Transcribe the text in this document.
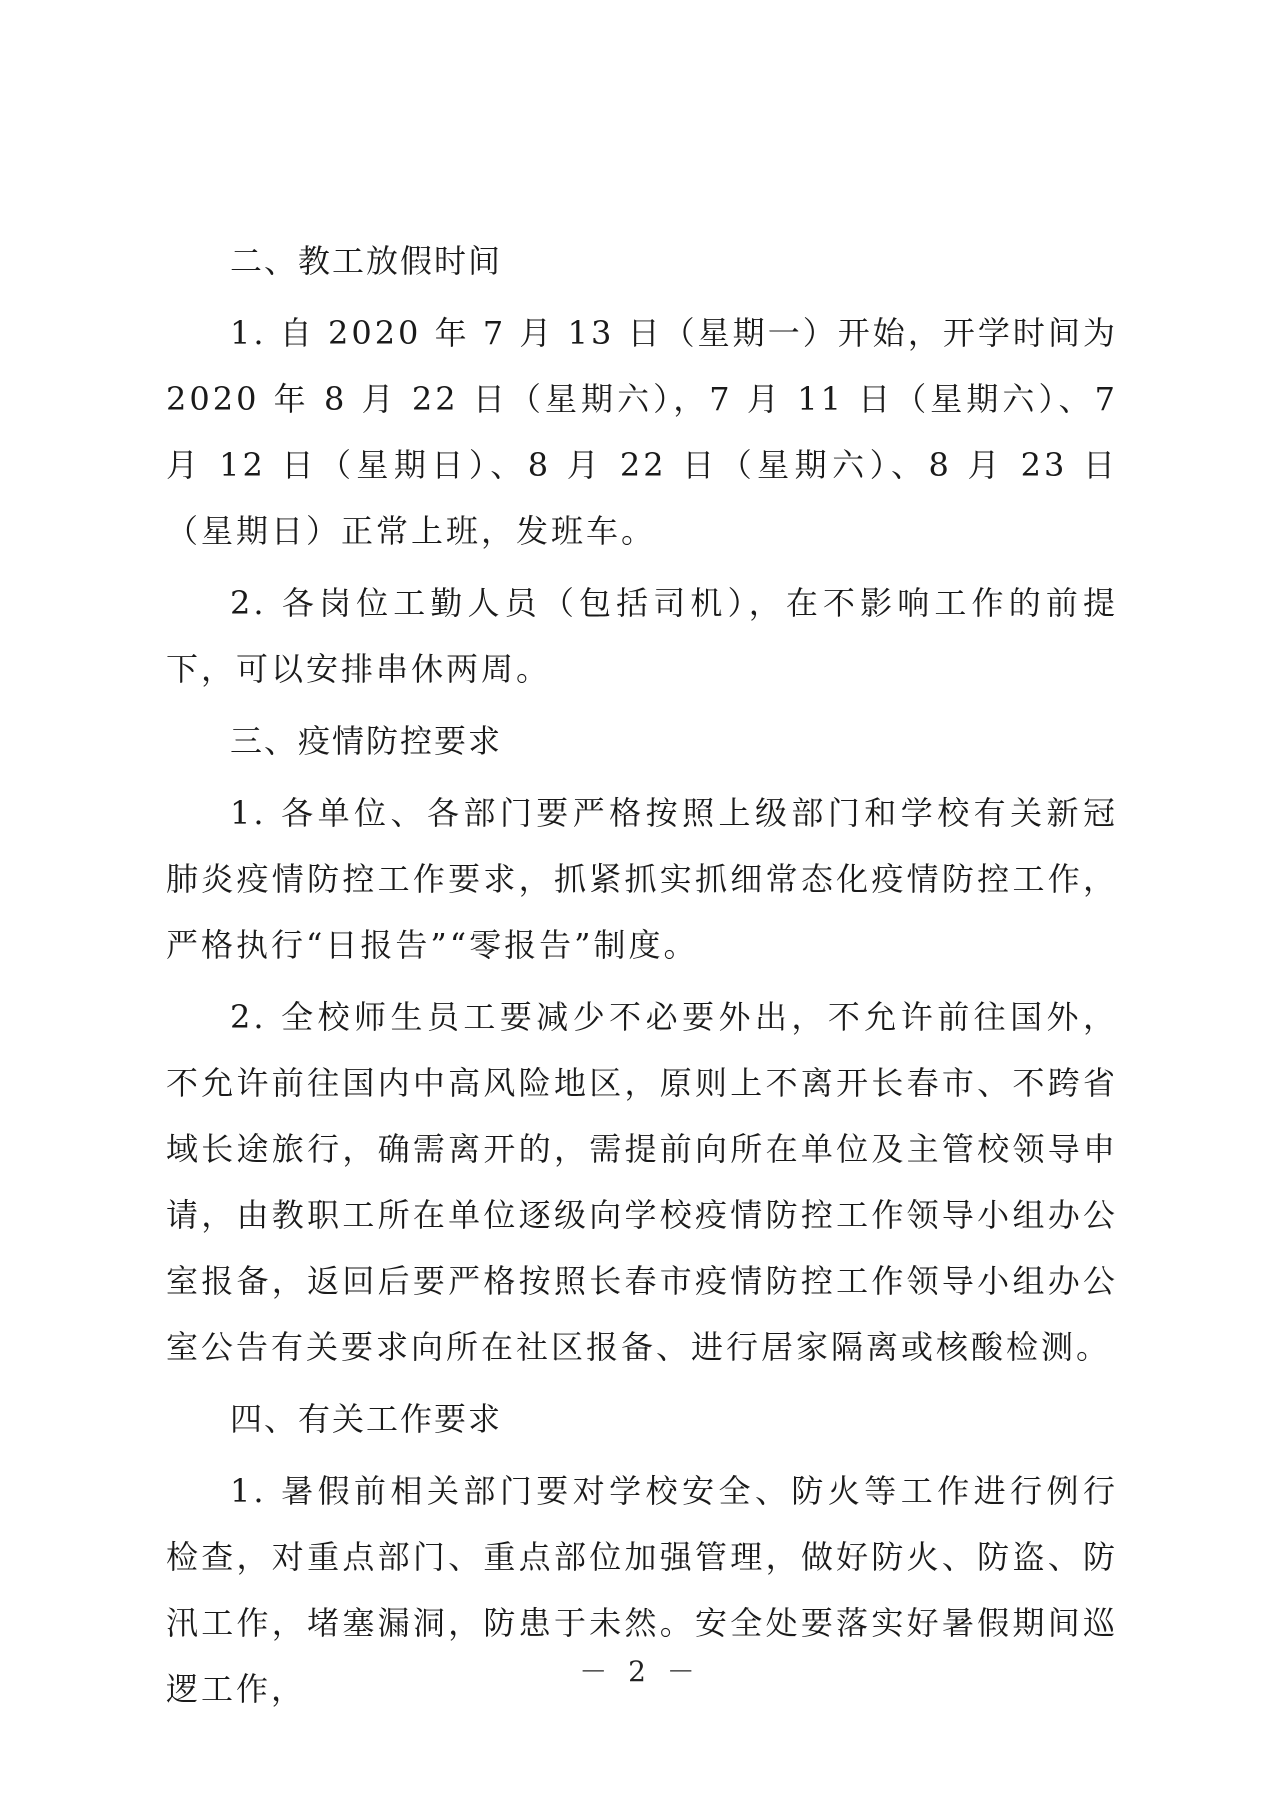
二、教工放假时间

1. 自 2020 年 7 月 13 日（星期一）开始，开学时间为 2020 年 8 月 22 日（星期六），7 月 11 日（星期六）、7 月 12 日（星期日）、8 月 22 日（星期六）、8 月 23 日（星期日）正常上班，发班车。

2. 各岗位工勤人员（包括司机），在不影响工作的前提下，可以安排串休两周。

三、疫情防控要求

1. 各单位、各部门要严格按照上级部门和学校有关新冠肺炎疫情防控工作要求，抓紧抓实抓细常态化疫情防控工作，严格执行“日报告”“零报告”制度。

2. 全校师生员工要减少不必要外出，不允许前往国外，不允许前往国内中高风险地区，原则上不离开长春市、不跨省域长途旅行，确需离开的，需提前向所在单位及主管校领导申请，由教职工所在单位逐级向学校疫情防控工作领导小组办公室报备，返回后要严格按照长春市疫情防控工作领导小组办公室公告有关要求向所在社区报备、进行居家隔离或核酸检测。

四、有关工作要求

1. 暑假前相关部门要对学校安全、防火等工作进行例行检查，对重点部门、重点部位加强管理，做好防火、防盗、防汛工作，堵塞漏洞，防患于未然。安全处要落实好暑假期间巡逻工作，	－ 2 －
